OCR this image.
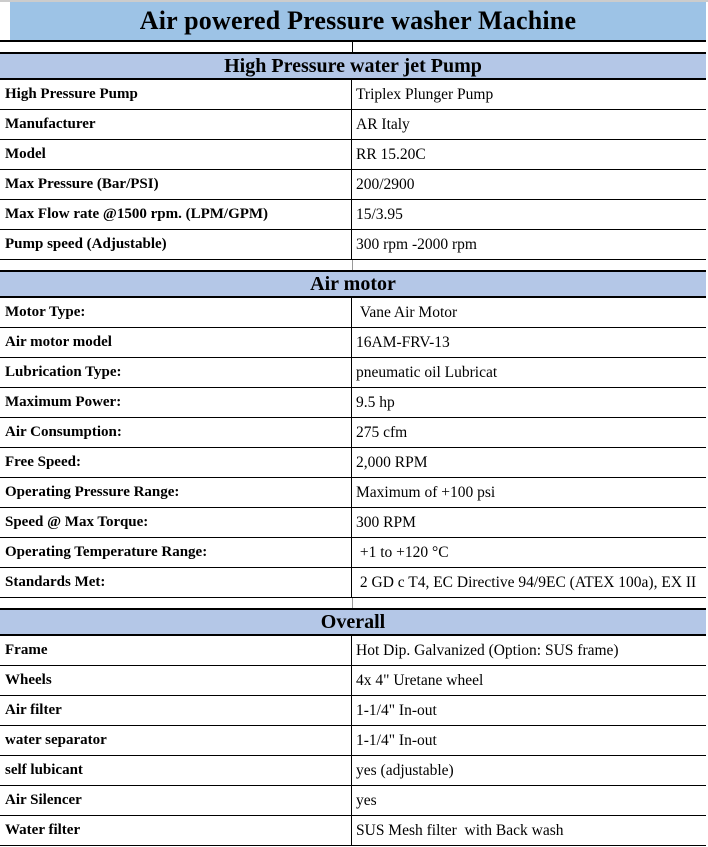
Air powered Pressure washer Machine
High Pressure water jet Pump
High Pressure Pump	Triplex Plunger Pump
Manufacturer	AR Italy
Model	RR 15.20C
Max Pressure (Bar/PSI)	200/2900
Max Flow rate @1500 rpm. (LPM/GPM)	15/3.95
Pump speed (Adjustable)	300 rpm -2000 rpm
Air motor
Motor Type:	Vane Air Motor
Air motor model	16AM-FRV-13
Lubrication Type:	pneumatic oil Lubricat
Maximum Power:	9.5 hp
Air Consumption:	275 cfm
Free Speed:	2,000 RPM
Operating Pressure Range:	Maximum of +100 psi
Speed @ Max Torque:	300 RPM
Operating Temperature Range:	+1 to +120 °C
Standards Met:	2 GD c T4, EC Directive 94/9EC (ATEX 100a), EX II
Overall
Frame	Hot Dip. Galvanized (Option: SUS frame)
Wheels	4x 4" Uretane wheel
Air filter	1-1/4" In-out
water separator	1-1/4" In-out
self lubicant	yes (adjustable)
Air Silencer	yes
Water filter	SUS Mesh filter  with Back wash
